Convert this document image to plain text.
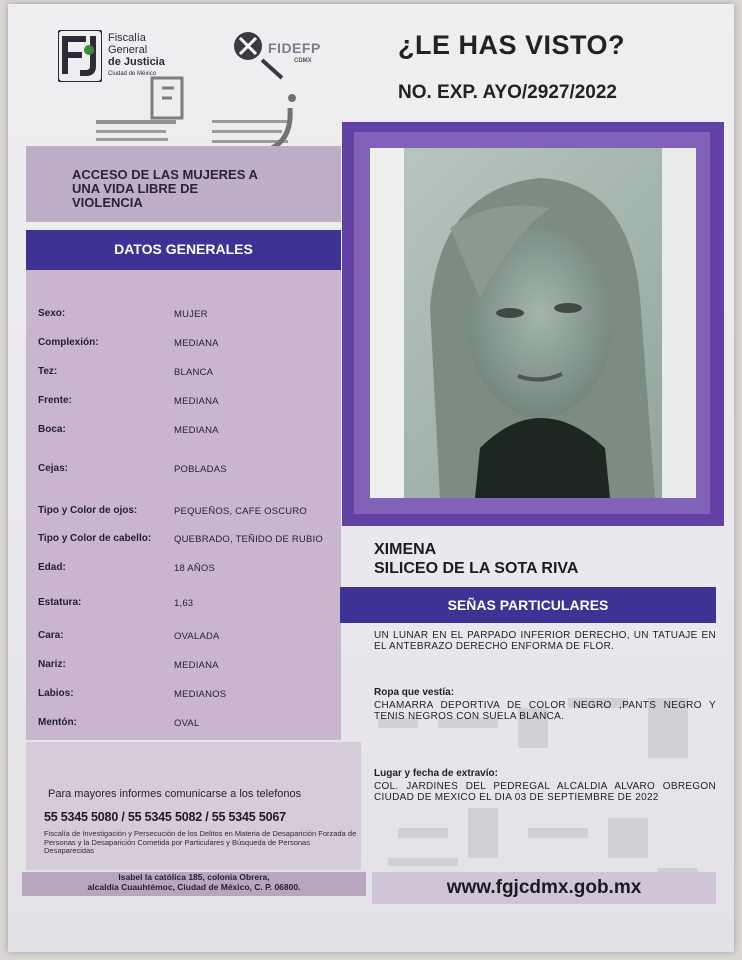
Fiscalía
General
de Justicia
Ciudad de México
FIDEFP
CDMX
¿LE HAS VISTO?
NO. EXP. AYO/2927/2022
ACCESO DE LAS MUJERES A UNA VIDA LIBRE DE VIOLENCIA
DATOS GENERALES
Sexo:	MUJER
Complexión:	MEDIANA
Tez:	BLANCA
Frente:	MEDIANA
Boca:	MEDIANA
Cejas:	POBLADAS
Tipo y Color de ojos:	PEQUEÑOS, CAFE OSCURO
Tipo y Color de cabello: QUEBRADO, TEÑIDO DE RUBIO
Edad:	18 AÑOS
Estatura:	1,63
Cara:	OVALADA
Nariz:	MEDIANA
Labios:	MEDIANOS
Mentón:	OVAL
Para mayores informes comunicarse a los telefonos
55 5345 5080 / 55 5345 5082 / 55 5345 5067
Fiscalía de Investigación y Persecución de los Delitos en Materia de Desaparición Forzada de Personas y la Desaparición Cometida por Particulares y Búsqueda de Personas Desaparecidas
Isabel la católica 185, colonia Obrera,
alcaldía Cuauhtémoc, Ciudad de México, C. P. 06800.
XIMENA
SILICEO DE LA SOTA RIVA
SEÑAS PARTICULARES
UN LUNAR EN EL PARPADO INFERIOR DERECHO, UN TATUAJE EN EL ANTEBRAZO DERECHO ENFORMA DE FLOR.
Ropa que vestía:
CHAMARRA DEPORTIVA DE COLOR NEGRO ,PANTS NEGRO Y TENIS NEGROS CON SUELA BLANCA.
Lugar y fecha de extravío:
COL. JARDINES DEL PEDREGAL ALCALDIA ALVARO OBREGON CIUDAD DE MEXICO EL DIA 03 DE SEPTIEMBRE DE 2022
www.fgjcdmx.gob.mx
